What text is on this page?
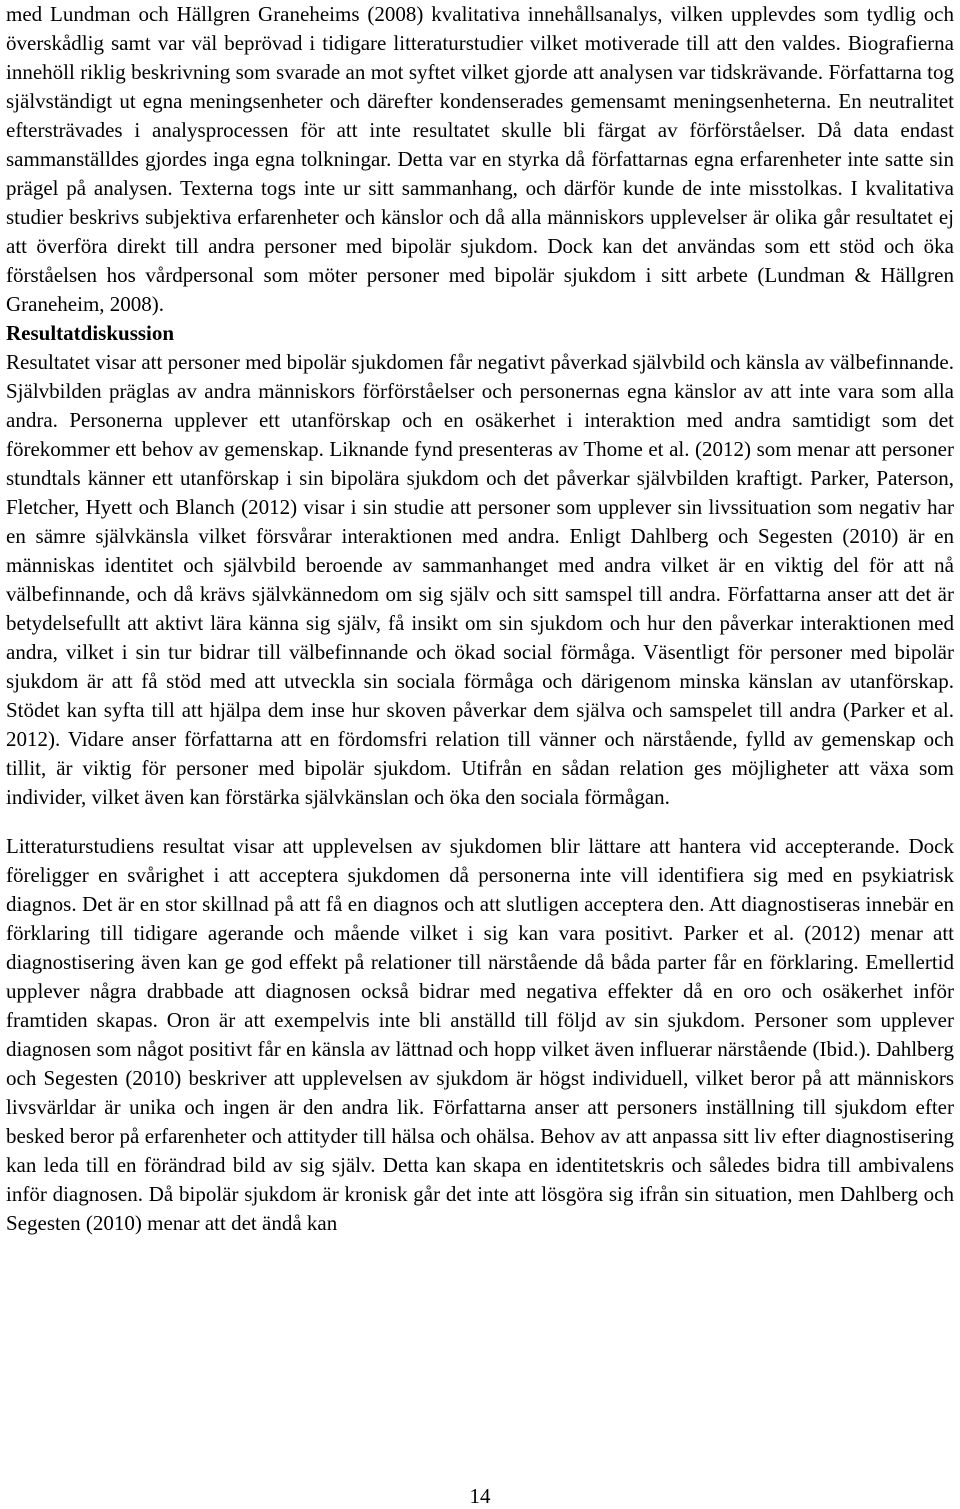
med Lundman och Hällgren Graneheims (2008) kvalitativa innehållsanalys, vilken upplevdes som tydlig och överskådlig samt var väl beprövad i tidigare litteraturstudier vilket motiverade till att den valdes. Biografierna innehöll riklig beskrivning som svarade an mot syftet vilket gjorde att analysen var tidskrävande. Författarna tog självständigt ut egna meningsenheter och därefter kondenserades gemensamt meningsenheterna. En neutralitet eftersträvades i analysprocessen för att inte resultatet skulle bli färgat av förförståelser. Då data endast sammanställdes gjordes inga egna tolkningar. Detta var en styrka då författarnas egna erfarenheter inte satte sin prägel på analysen. Texterna togs inte ur sitt sammanhang, och därför kunde de inte misstolkas. I kvalitativa studier beskrivs subjektiva erfarenheter och känslor och då alla människors upplevelser är olika går resultatet ej att överföra direkt till andra personer med bipolär sjukdom. Dock kan det användas som ett stöd och öka förståelsen hos vårdpersonal som möter personer med bipolär sjukdom i sitt arbete (Lundman & Hällgren Graneheim, 2008).

Resultatdiskussion

Resultatet visar att personer med bipolär sjukdomen får negativt påverkad självbild och känsla av välbefinnande. Självbilden präglas av andra människors förförståelser och personernas egna känslor av att inte vara som alla andra. Personerna upplever ett utanförskap och en osäkerhet i interaktion med andra samtidigt som det förekommer ett behov av gemenskap. Liknande fynd presenteras av Thome et al. (2012) som menar att personer stundtals känner ett utanförskap i sin bipolära sjukdom och det påverkar självbilden kraftigt. Parker, Paterson, Fletcher, Hyett och Blanch (2012) visar i sin studie att personer som upplever sin livssituation som negativ har en sämre självkänsla vilket försvårar interaktionen med andra. Enligt Dahlberg och Segesten (2010) är en människas identitet och självbild beroende av sammanhanget med andra vilket är en viktig del för att nå välbefinnande, och då krävs självkännedom om sig själv och sitt samspel till andra. Författarna anser att det är betydelsefullt att aktivt lära känna sig själv, få insikt om sin sjukdom och hur den påverkar interaktionen med andra, vilket i sin tur bidrar till välbefinnande och ökad social förmåga. Väsentligt för personer med bipolär sjukdom är att få stöd med att utveckla sin sociala förmåga och därigenom minska känslan av utanförskap. Stödet kan syfta till att hjälpa dem inse hur skoven påverkar dem själva och samspelet till andra (Parker et al. 2012). Vidare anser författarna att en fördomsfri relation till vänner och närstående, fylld av gemenskap och tillit, är viktig för personer med bipolär sjukdom. Utifrån en sådan relation ges möjligheter att växa som individer, vilket även kan förstärka självkänslan och öka den sociala förmågan.

Litteraturstudiens resultat visar att upplevelsen av sjukdomen blir lättare att hantera vid accepterande. Dock föreligger en svårighet i att acceptera sjukdomen då personerna inte vill identifiera sig med en psykiatrisk diagnos. Det är en stor skillnad på att få en diagnos och att slutligen acceptera den. Att diagnostiseras innebär en förklaring till tidigare agerande och mående vilket i sig kan vara positivt. Parker et al. (2012) menar att diagnostisering även kan ge god effekt på relationer till närstående då båda parter får en förklaring. Emellertid upplever några drabbade att diagnosen också bidrar med negativa effekter då en oro och osäkerhet inför framtiden skapas. Oron är att exempelvis inte bli anställd till följd av sin sjukdom. Personer som upplever diagnosen som något positivt får en känsla av lättnad och hopp vilket även influerar närstående (Ibid.). Dahlberg och Segesten (2010) beskriver att upplevelsen av sjukdom är högst individuell, vilket beror på att människors livsvärldar är unika och ingen är den andra lik. Författarna anser att personers inställning till sjukdom efter besked beror på erfarenheter och attityder till hälsa och ohälsa. Behov av att anpassa sitt liv efter diagnostisering kan leda till en förändrad bild av sig själv. Detta kan skapa en identitetskris och således bidra till ambivalens inför diagnosen. Då bipolär sjukdom är kronisk går det inte att lösgöra sig ifrån sin situation, men Dahlberg och Segesten (2010) menar att det ändå kan

14
